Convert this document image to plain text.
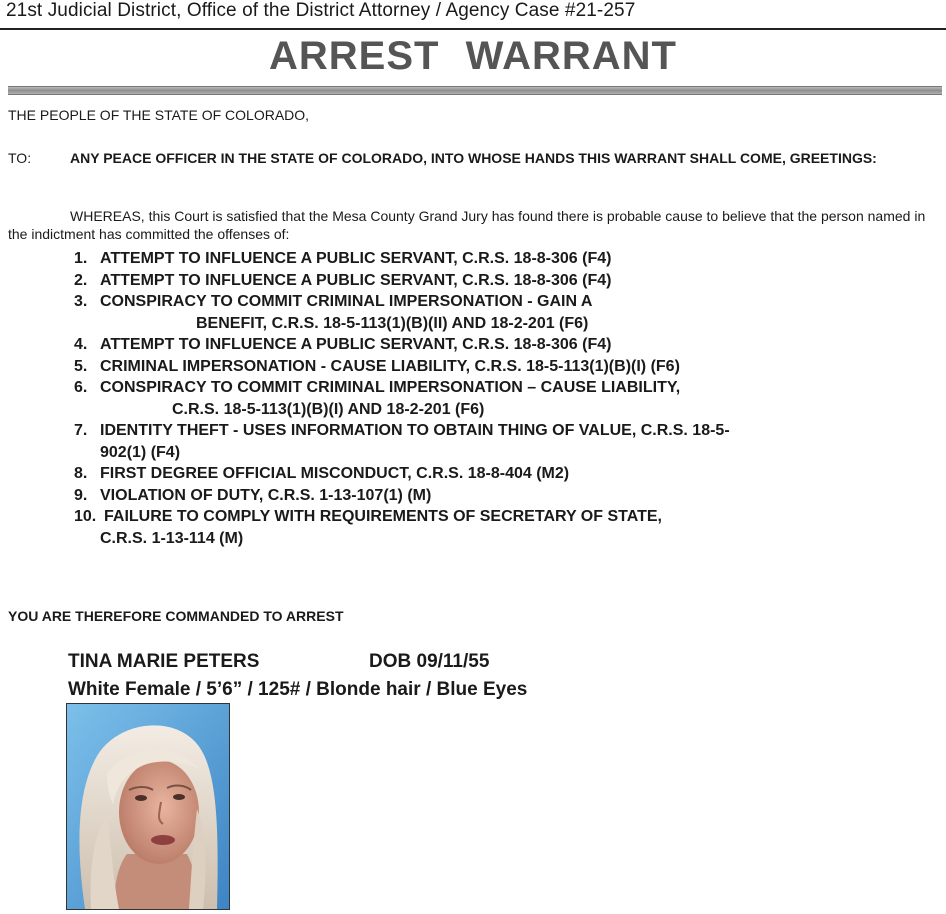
21st Judicial District, Office of the District Attorney / Agency Case #21-257
ARREST WARRANT
THE PEOPLE OF THE STATE OF COLORADO,
TO:	ANY PEACE OFFICER IN THE STATE OF COLORADO, INTO WHOSE HANDS THIS WARRANT SHALL COME, GREETINGS:
WHEREAS, this Court is satisfied that the Mesa County Grand Jury has found there is probable cause to believe that the person named in the indictment has committed the offenses of:
1. ATTEMPT TO INFLUENCE A PUBLIC SERVANT, C.R.S. 18-8-306 (F4)
2. ATTEMPT TO INFLUENCE A PUBLIC SERVANT, C.R.S. 18-8-306 (F4)
3. CONSPIRACY TO COMMIT CRIMINAL IMPERSONATION - GAIN A
BENEFIT, C.R.S. 18-5-113(1)(B)(II) AND 18-2-201 (F6)
4. ATTEMPT TO INFLUENCE A PUBLIC SERVANT, C.R.S. 18-8-306 (F4)
5. CRIMINAL IMPERSONATION - CAUSE LIABILITY, C.R.S. 18-5-113(1)(B)(I) (F6)
6. CONSPIRACY TO COMMIT CRIMINAL IMPERSONATION – CAUSE LIABILITY,
C.R.S. 18-5-113(1)(B)(I) AND 18-2-201 (F6)
7. IDENTITY THEFT - USES INFORMATION TO OBTAIN THING OF VALUE, C.R.S. 18-5-
902(1) (F4)
8. FIRST DEGREE OFFICIAL MISCONDUCT, C.R.S. 18-8-404 (M2)
9. VIOLATION OF DUTY, C.R.S. 1-13-107(1) (M)
10. FAILURE TO COMPLY WITH REQUIREMENTS OF SECRETARY OF STATE,
C.R.S. 1-13-114 (M)
YOU ARE THEREFORE COMMANDED TO ARREST
TINA MARIE PETERS	DOB 09/11/55
White Female / 5’6” / 125# / Blonde hair / Blue Eyes
